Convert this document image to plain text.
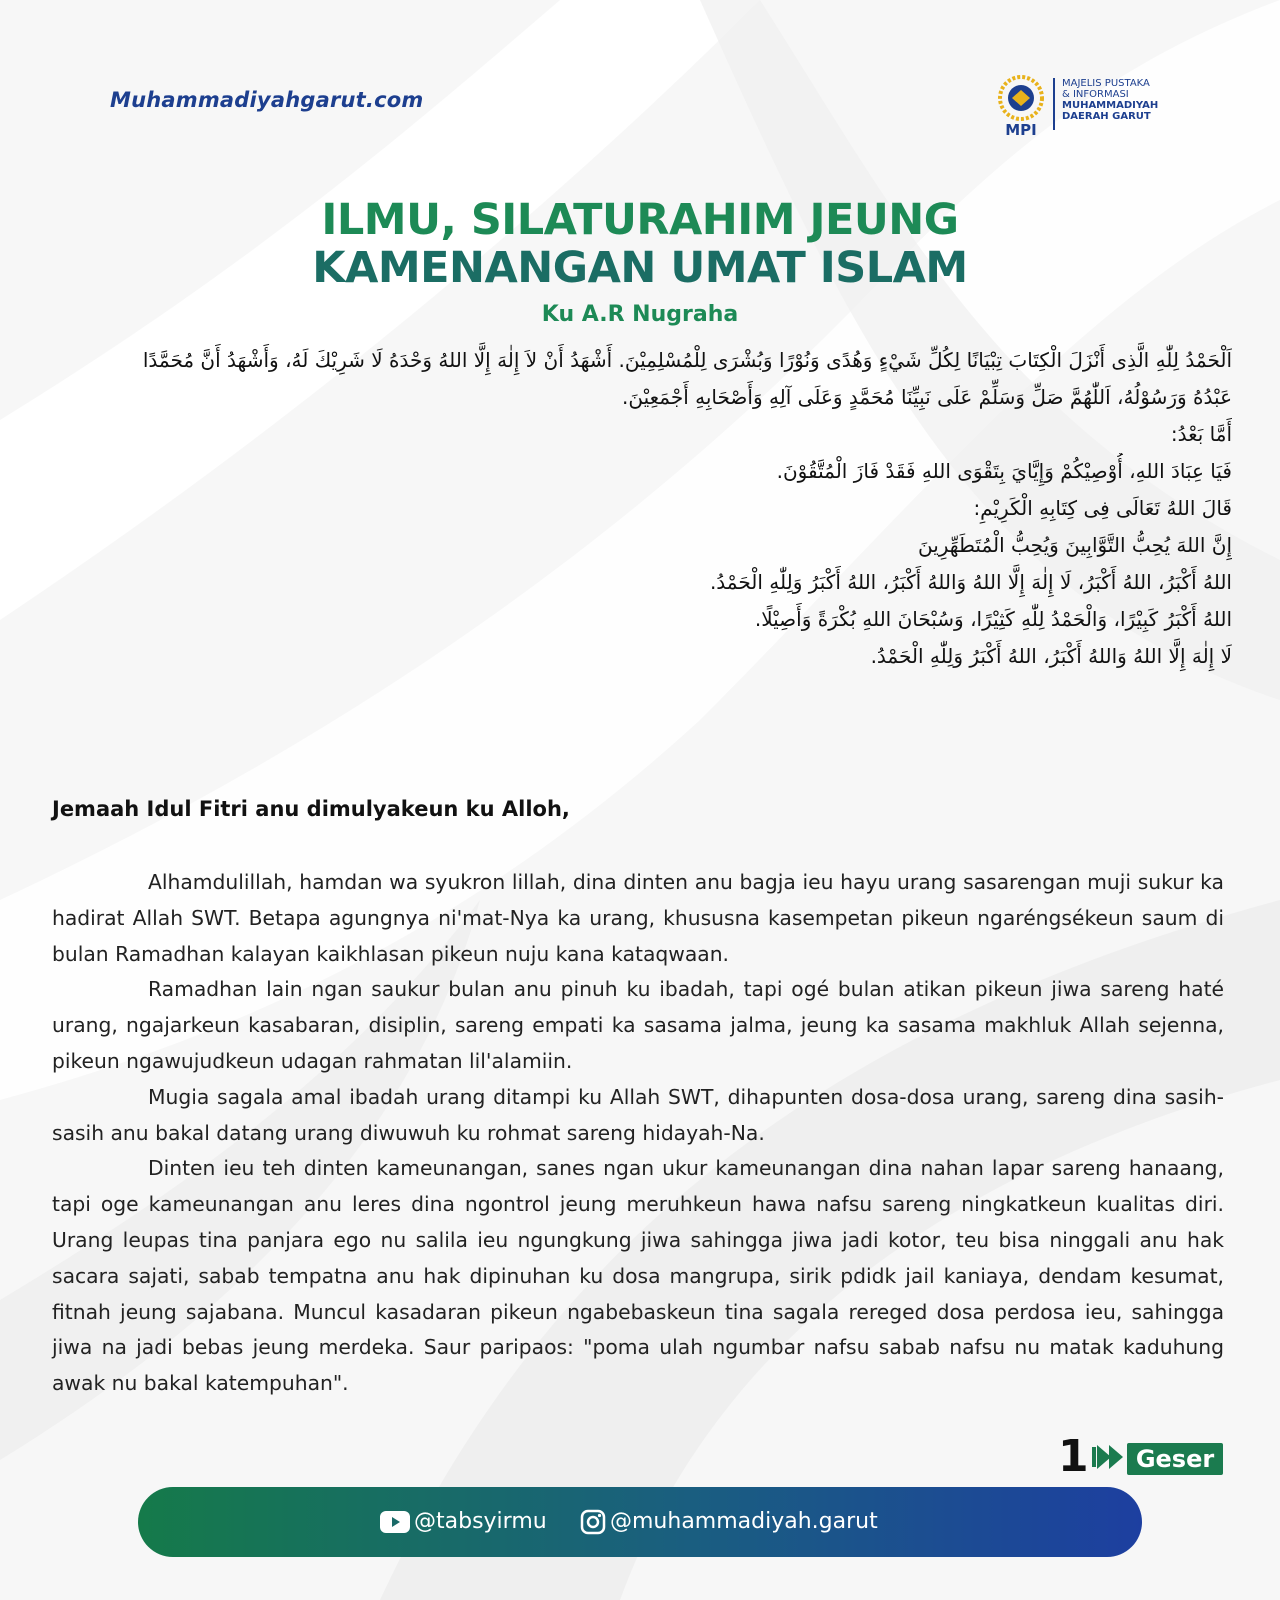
Muhammadiyahgarut.com
MPI
MAJELIS PUSTAKA
& INFORMASI
MUHAMMADIYAH
DAERAH GARUT
ILMU, SILATURAHIM JEUNG
KAMENANGAN UMAT ISLAM
Ku A.R Nugraha
اَلْحَمْدُ لِلّٰهِ الَّذِى أَنْزَلَ الْكِتَابَ تِبْيَانًا لِكُلِّ شَيْءٍ وَهُدًى وَنُوْرًا وَبُشْرَى لِلْمُسْلِمِيْنَ. أَشْهَدُ أَنْ لاَ إِلٰهَ إِلَّا اللهُ وَحْدَهُ لَا شَرِيْكَ لَهُ، وَأَشْهَدُ أَنَّ مُحَمَّدًا
عَبْدُهُ وَرَسُوْلُهُ، اَللّٰهُمَّ صَلِّ وَسَلِّمْ عَلَى نَبِيِّنَا مُحَمَّدٍ وَعَلَى آلِهِ وَأَصْحَابِهِ أَجْمَعِيْنَ.
أَمَّا بَعْدُ:
فَيَا عِبَادَ اللهِ، أُوْصِيْكُمْ وَإِيَّايَ بِتَقْوَى اللهِ فَقَدْ فَازَ الْمُتَّقُوْنَ.
قَالَ اللهُ تَعَالَى فِى كِتَابِهِ الْكَرِيْمِ:
إِنَّ اللهَ يُحِبُّ التَّوَّابِينَ وَيُحِبُّ الْمُتَطَهِّرِينَ
اللهُ أَكْبَرُ، اللهُ أَكْبَرُ، لَا إِلٰهَ إِلَّا اللهُ وَاللهُ أَكْبَرُ، اللهُ أَكْبَرُ وَلِلّٰهِ الْحَمْدُ.
اللهُ أَكْبَرُ كَبِيْرًا، وَالْحَمْدُ لِلّٰهِ كَثِيْرًا، وَسُبْحَانَ اللهِ بُكْرَةً وَأَصِيْلًا.
لَا إِلٰهَ إِلَّا اللهُ وَاللهُ أَكْبَرُ، اللهُ أَكْبَرُ وَلِلّٰهِ الْحَمْدُ.
Jemaah Idul Fitri anu dimulyakeun ku Alloh,

Alhamdulillah, hamdan wa syukron lillah, dina dinten anu bagja ieu hayu urang sasarengan muji sukur ka hadirat Allah SWT. Betapa agungnya ni'mat-Nya ka urang, khususna kasempetan pikeun ngaréngsékeun saum di bulan Ramadhan kalayan kaikhlasan pikeun nuju kana kataqwaan.

Ramadhan lain ngan saukur bulan anu pinuh ku ibadah, tapi ogé bulan atikan pikeun jiwa sareng haté urang, ngajarkeun kasabaran, disiplin, sareng empati ka sasama jalma, jeung ka sasama makhluk Allah sejenna, pikeun ngawujudkeun udagan rahmatan lil'alamiin.

Mugia sagala amal ibadah urang ditampi ku Allah SWT, dihapunten dosa-dosa urang, sareng dina sasih-sasih anu bakal datang urang diwuwuh ku rohmat sareng hidayah-Na.

Dinten ieu teh dinten kameunangan, sanes ngan ukur kameunangan dina nahan lapar sareng hanaang, tapi oge kameunangan anu leres dina ngontrol jeung meruhkeun hawa nafsu sareng ningkatkeun kualitas diri. Urang leupas tina panjara ego nu salila ieu ngungkung jiwa sahingga jiwa jadi kotor, teu bisa ninggali anu hak sacara sajati, sabab tempatna anu hak dipinuhan ku dosa mangrupa, sirik pdidk jail kaniaya, dendam kesumat, fitnah jeung sajabana. Muncul kasadaran pikeun ngabebaskeun tina sagala rereged dosa perdosa ieu, sahingga jiwa na jadi bebas jeung merdeka. Saur paripaos: "poma ulah ngumbar nafsu sabab nafsu nu matak kaduhung awak nu bakal katempuhan".

1	Geser
@tabsyirmu	@muhammadiyah.garut
